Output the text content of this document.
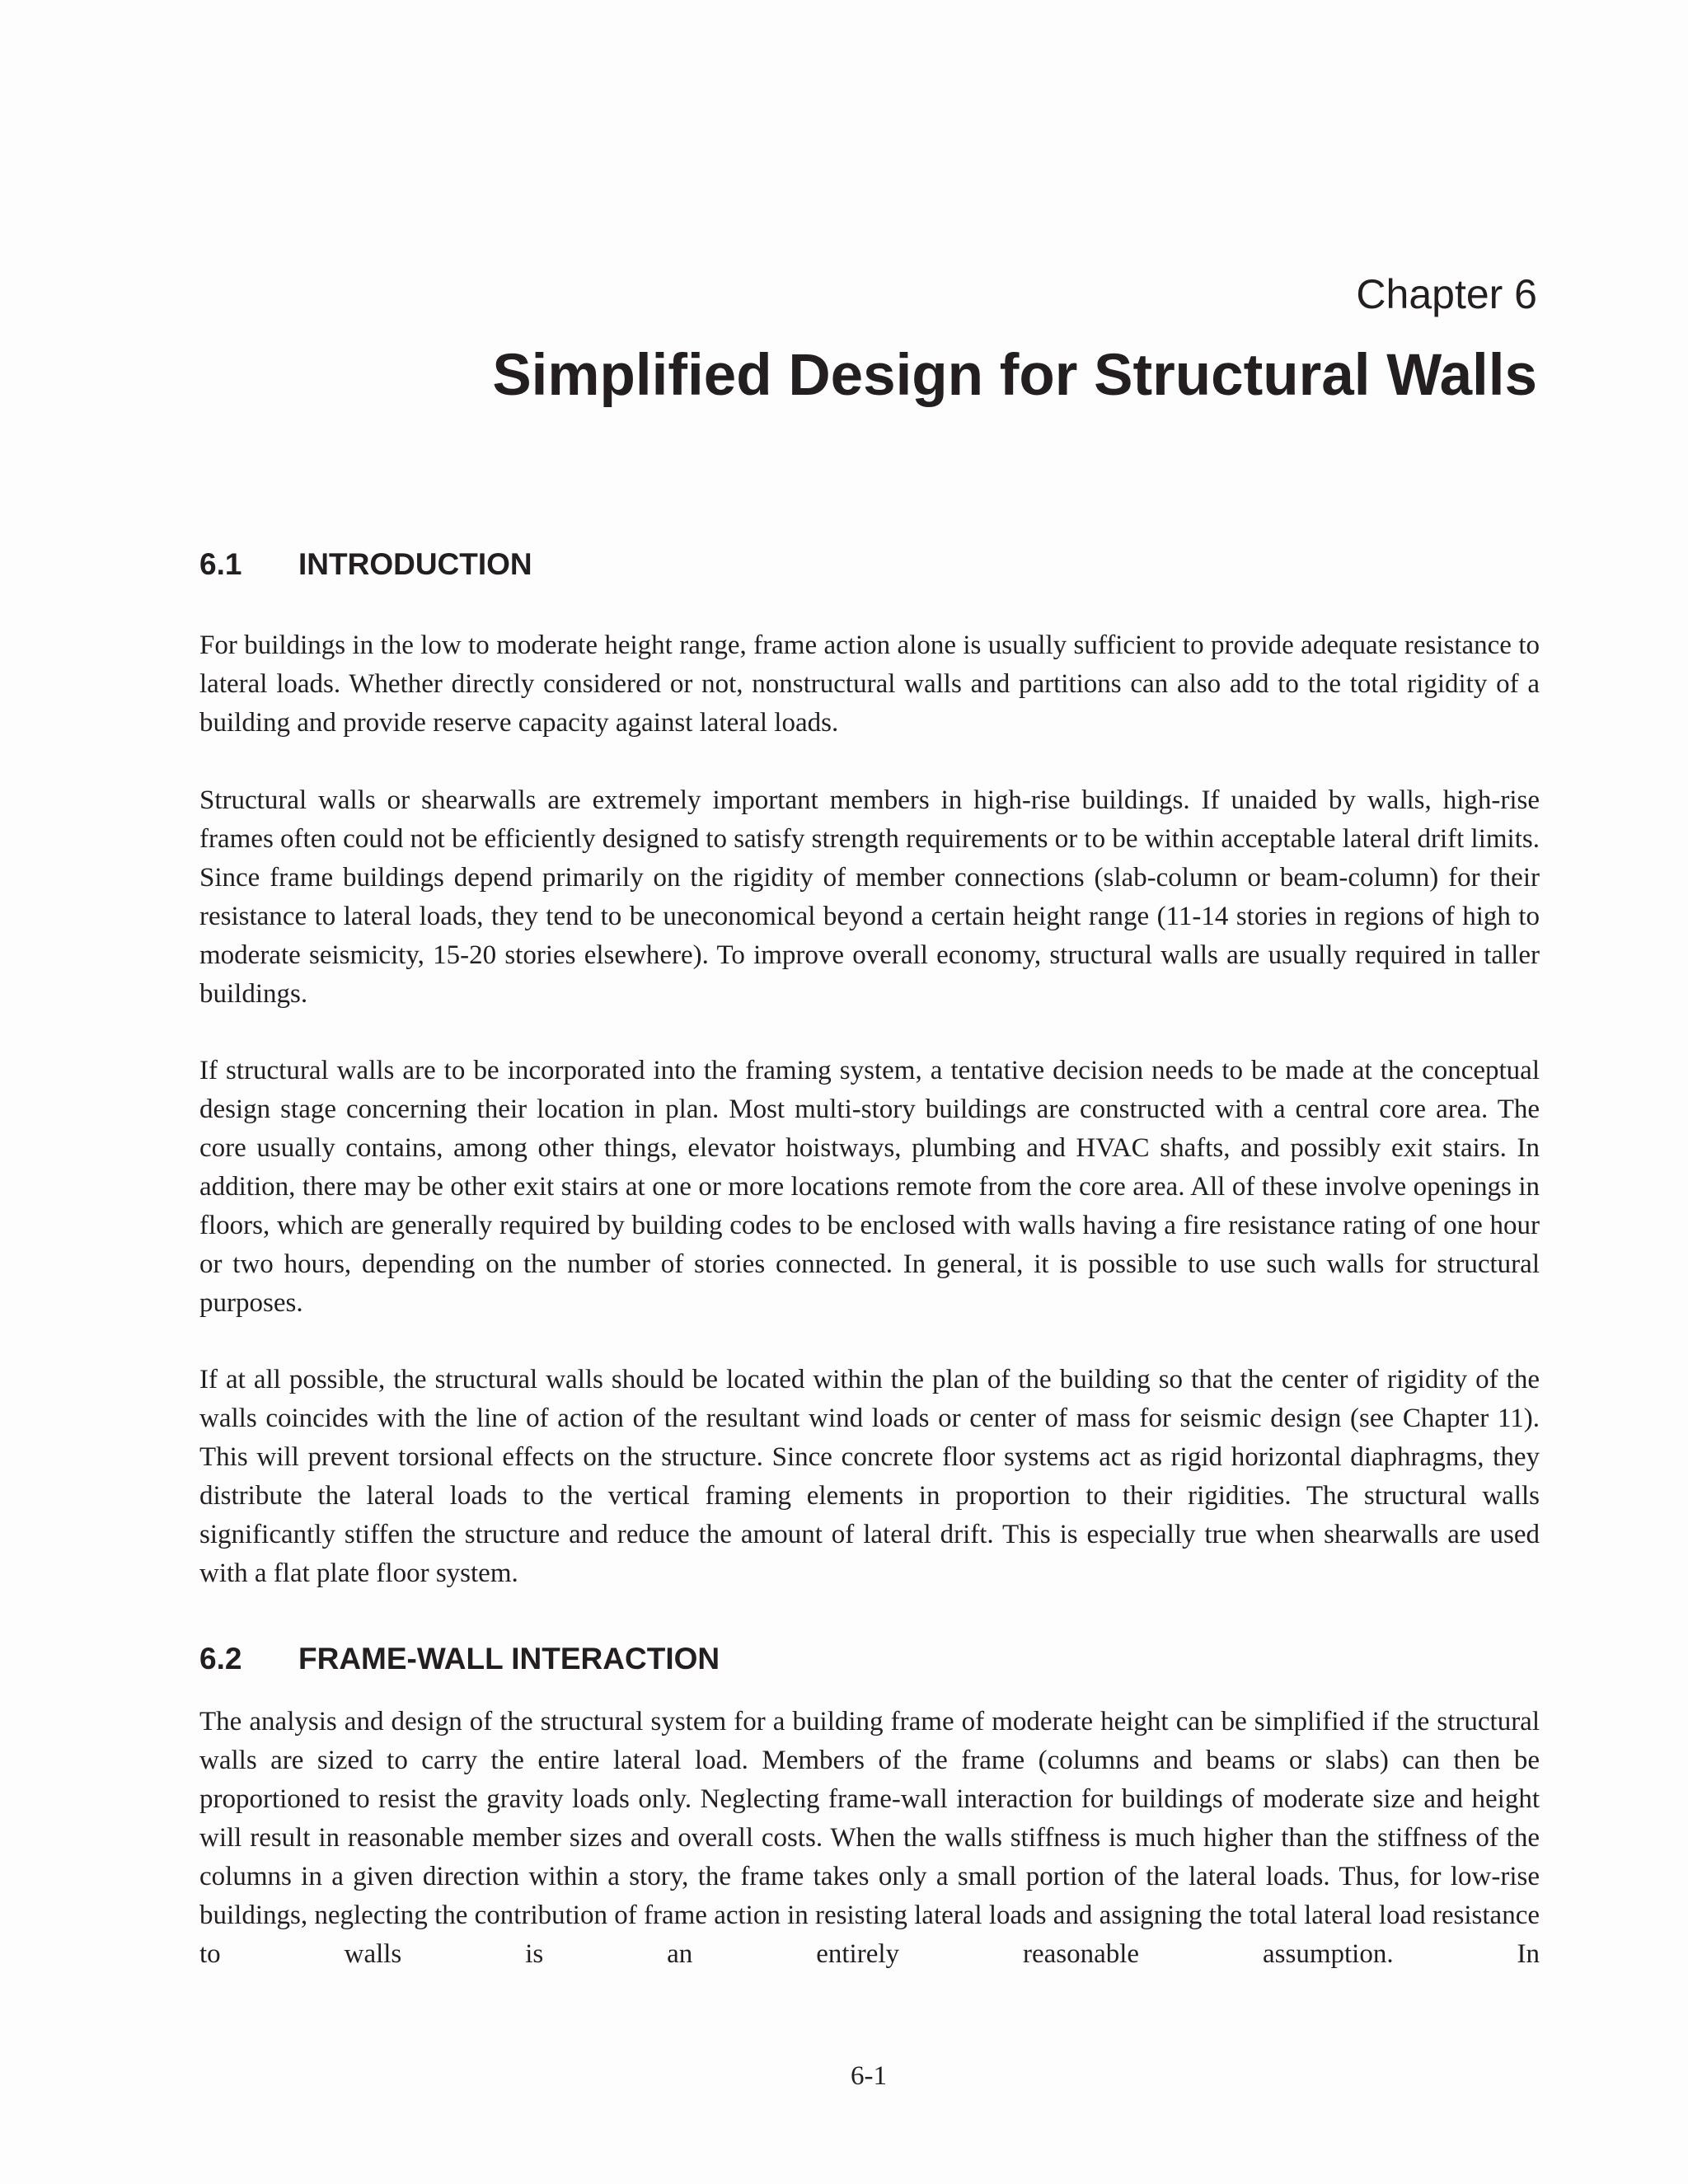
Chapter 6

Simplified Design for Structural Walls
6.1 INTRODUCTION

For buildings in the low to moderate height range, frame action alone is usually sufficient to provide adequate resistance to lateral loads. Whether directly considered or not, nonstructural walls and partitions can also add to the total rigidity of a building and provide reserve capacity against lateral loads.

Structural walls or shearwalls are extremely important members in high-rise buildings. If unaided by walls, high-rise frames often could not be efficiently designed to satisfy strength requirements or to be within acceptable lateral drift limits. Since frame buildings depend primarily on the rigidity of member connections (slab-column or beam-column) for their resistance to lateral loads, they tend to be uneconomical beyond a certain height range (11-14 stories in regions of high to moderate seismicity, 15-20 stories elsewhere). To improve overall economy, structural walls are usually required in taller buildings.

If structural walls are to be incorporated into the framing system, a tentative decision needs to be made at the conceptual design stage concerning their location in plan. Most multi-story buildings are constructed with a central core area. The core usually contains, among other things, elevator hoistways, plumbing and HVAC shafts, and possibly exit stairs. In addition, there may be other exit stairs at one or more locations remote from the core area. All of these involve openings in floors, which are generally required by building codes to be enclosed with walls having a fire resistance rating of one hour or two hours, depending on the number of stories connected. In general, it is possible to use such walls for structural purposes.

If at all possible, the structural walls should be located within the plan of the building so that the center of rigidity of the walls coincides with the line of action of the resultant wind loads or center of mass for seismic design (see Chapter 11). This will prevent torsional effects on the structure. Since concrete floor systems act as rigid horizontal diaphragms, they distribute the lateral loads to the vertical framing elements in proportion to their rigidities. The structural walls significantly stiffen the structure and reduce the amount of lateral drift. This is especially true when shearwalls are used with a flat plate floor system.

6.2 FRAME-WALL INTERACTION

The analysis and design of the structural system for a building frame of moderate height can be simplified if the structural walls are sized to carry the entire lateral load. Members of the frame (columns and beams or slabs) can then be proportioned to resist the gravity loads only. Neglecting frame-wall interaction for buildings of moderate size and height will result in reasonable member sizes and overall costs. When the walls stiffness is much higher than the stiffness of the columns in a given direction within a story, the frame takes only a small portion of the lateral loads. Thus, for low-rise buildings, neglecting the contribution of frame action in resisting lateral loads and assigning the total lateral load resistance to walls is an entirely reasonable assumption. In

6-1
